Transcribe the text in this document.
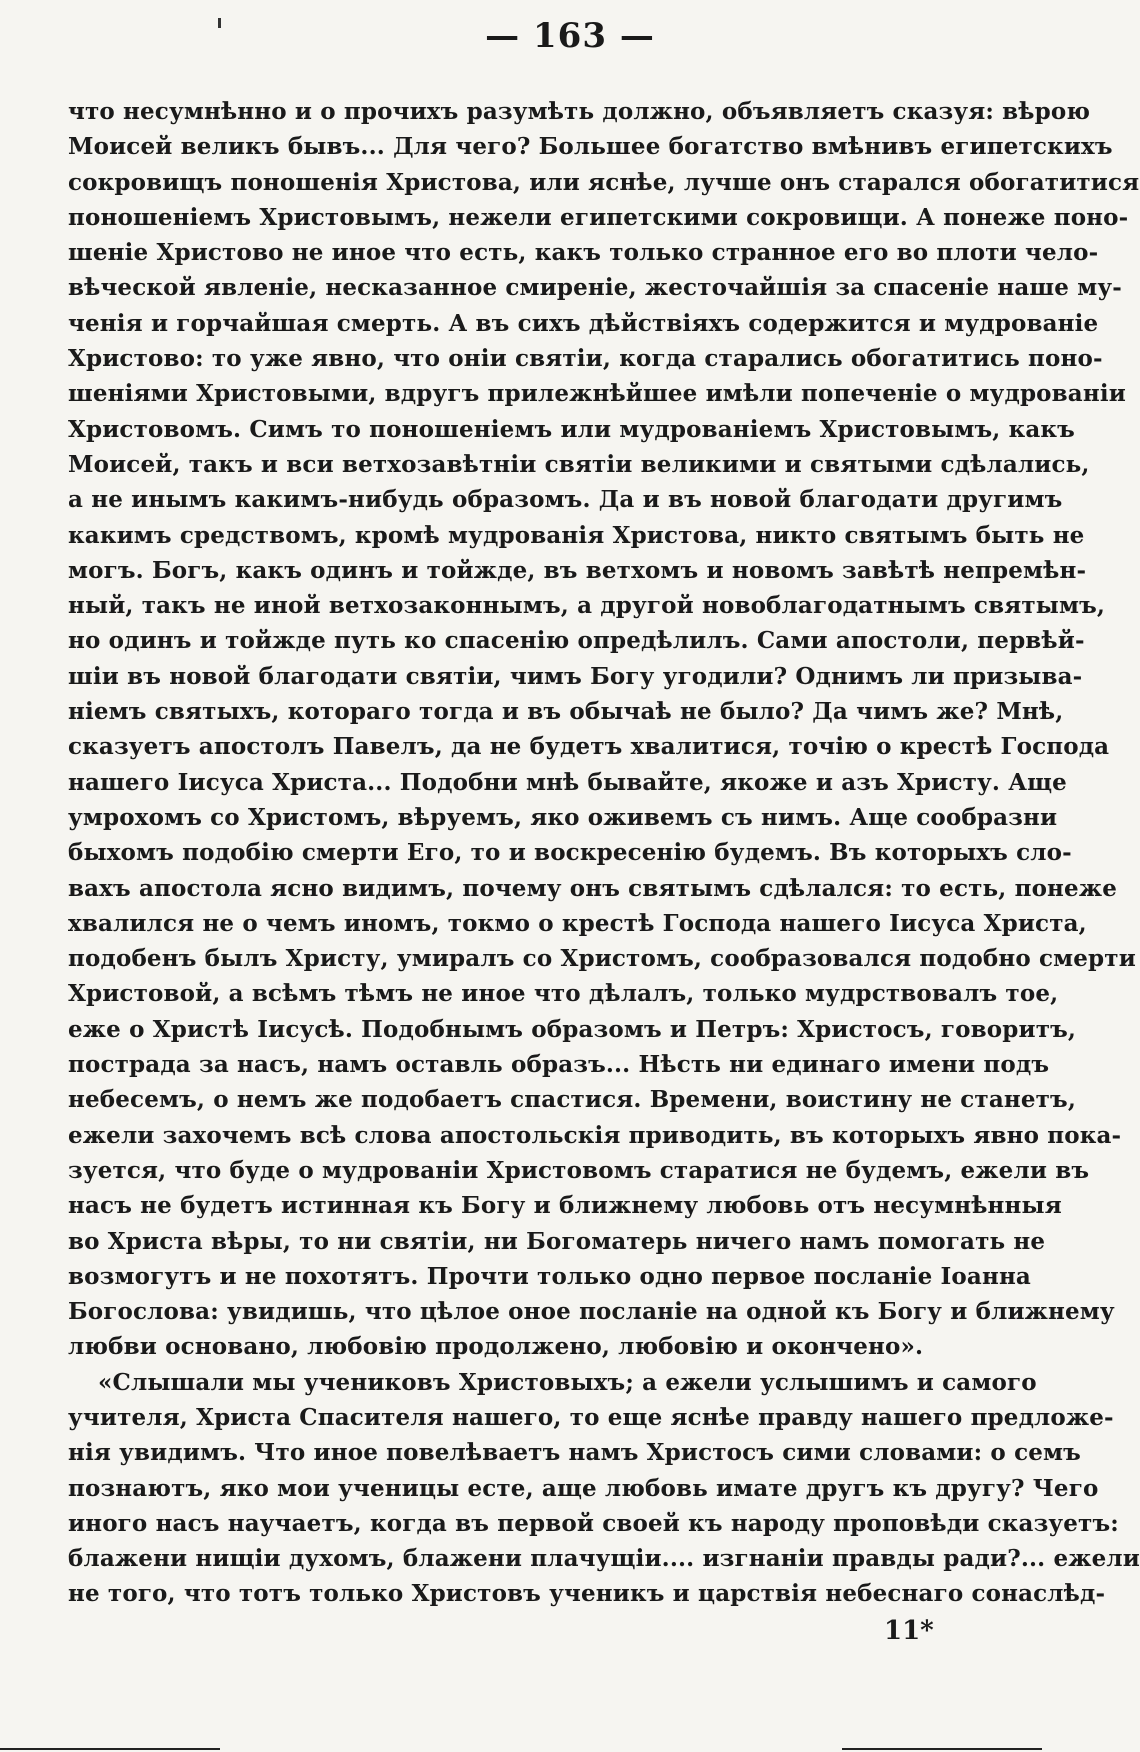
— 163 —
что несумнѣнно и о прочихъ разумѣть должно, объявляетъ сказуя: вѣрою
Моисей великъ бывъ... Для чего? Большее богатство вмѣнивъ египетскихъ
сокровищъ поношенія Христова, или яснѣе, лучше онъ старался обогатитися
поношеніемъ Христовымъ, нежели египетскими сокровищи. А понеже поно-
шеніе Христово не иное что есть, какъ только странное его во плоти чело-
вѣческой явленіе, несказанное смиреніе, жесточайшія за спасеніе наше му-
ченія и горчайшая смерть. А въ сихъ дѣйствіяхъ содержится и мудрованіе
Христово: то уже явно, что оніи святіи, когда старались обогатитись поно-
шеніями Христовыми, вдругъ прилежнѣйшее имѣли попеченіе о мудрованіи
Христовомъ. Симъ то поношеніемъ или мудрованіемъ Христовымъ, какъ
Моисей, такъ и вси ветхозавѣтніи святіи великими и святыми сдѣлались,
а не инымъ какимъ-нибудь образомъ. Да и въ новой благодати другимъ
какимъ средствомъ, кромѣ мудрованія Христова, никто святымъ быть не
могъ. Богъ, какъ одинъ и тойжде, въ ветхомъ и новомъ завѣтѣ непремѣн-
ный, такъ не иной ветхозаконнымъ, а другой новоблагодатнымъ святымъ,
но одинъ и тойжде путь ко спасенію опредѣлилъ. Сами апостоли, первѣй-
шіи въ новой благодати святіи, чимъ Богу угодили? Однимъ ли призыва-
ніемъ святыхъ, котораго тогда и въ обычаѣ не было? Да чимъ же? Мнѣ,
сказуетъ апостолъ Павелъ, да не будетъ хвалитися, точію о крестѣ Господа
нашего Іисуса Христа... Подобни мнѣ бывайте, якоже и азъ Христу. Аще
умрохомъ со Христомъ, вѣруемъ, яко оживемъ съ нимъ. Аще сообразни
быхомъ подобію смерти Его, то и воскресенію будемъ. Въ которыхъ сло-
вахъ апостола ясно видимъ, почему онъ святымъ сдѣлался: то есть, понеже
хвалился не о чемъ иномъ, токмо о крестѣ Господа нашего Іисуса Христа,
подобенъ былъ Христу, умиралъ со Христомъ, сообразовался подобно смерти
Христовой, а всѣмъ тѣмъ не иное что дѣлалъ, только мудрствовалъ тое,
еже о Христѣ Іисусѣ. Подобнымъ образомъ и Петръ: Христосъ, говоритъ,
пострада за насъ, намъ оставль образъ... Нѣсть ни единаго имени подъ
небесемъ, о немъ же подобаетъ спастися. Времени, воистину не станетъ,
ежели захочемъ всѣ слова апостольскія приводить, въ которыхъ явно пока-
зуется, что буде о мудрованіи Христовомъ старатися не будемъ, ежели въ
насъ не будетъ истинная къ Богу и ближнему любовь отъ несумнѣнныя
во Христа вѣры, то ни святіи, ни Богоматерь ничего намъ помогать не
возмогутъ и не похотятъ. Прочти только одно первое посланіе Іоанна
Богослова: увидишь, что цѣлое оное посланіе на одной къ Богу и ближнему
любви основано, любовію продолжено, любовію и окончено».
«Слышали мы учениковъ Христовыхъ; а ежели услышимъ и самого
учителя, Христа Спасителя нашего, то еще яснѣе правду нашего предложе-
нія увидимъ. Что иное повелѣваетъ намъ Христосъ сими словами: о семъ
познаютъ, яко мои ученицы есте, аще любовь имате другъ къ другу? Чего
иного насъ научаетъ, когда въ первой своей къ народу проповѣди сказуетъ:
блажени нищіи духомъ, блажени плачущіи.... изгнаніи правды ради?... ежели
не того, что тотъ только Христовъ ученикъ и царствія небеснаго сонаслѣд-
11*
